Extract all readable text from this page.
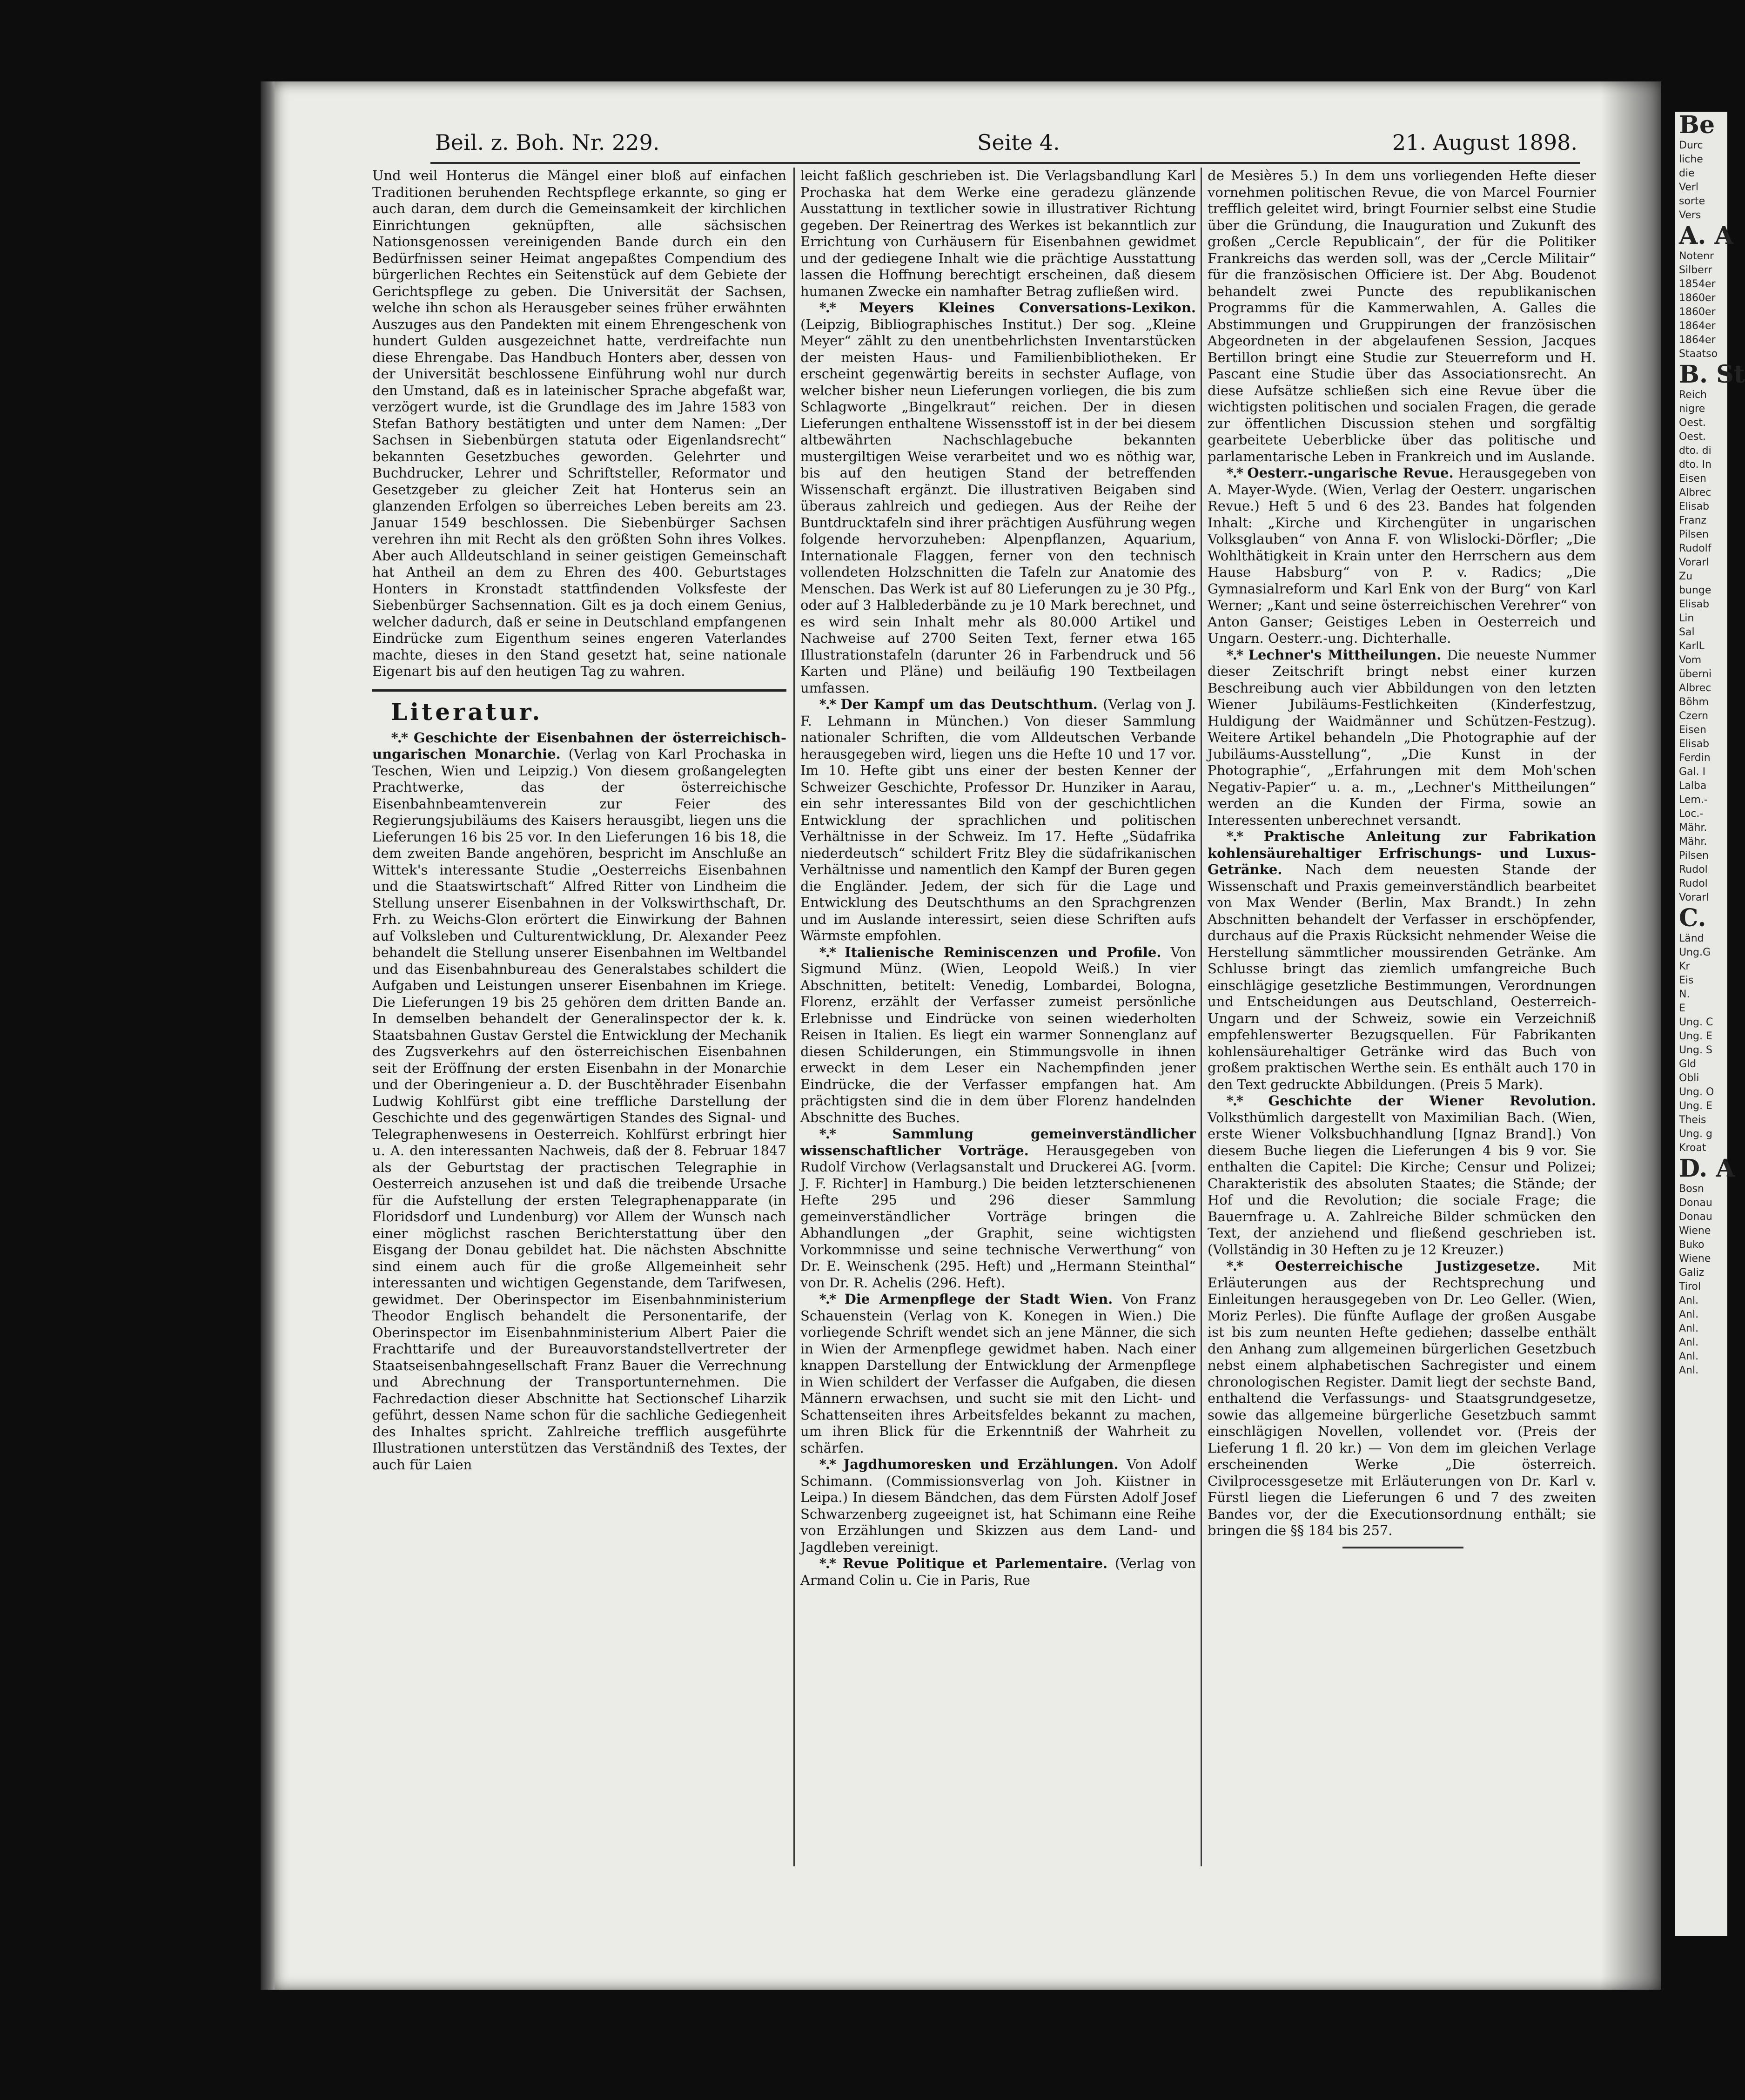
Be
Durc
liche
die
Verl
sorte
Vers
A. A
Notenr
Silberr
1854er
1860er
1860er
1864er
1864er
Staatso
B. St
Reich
nigre
Oest.
Oest.
dto. di
dto. In
Eisen
Albrec
Elisab
Franz
Pilsen
Rudolf
Vorarl
Zu
bunge
Elisab
Lin
Sal
KarlL
Vom
überni
Albrec
Böhm
Czern
Eisen
Elisab
Ferdin
Gal. I
Lalba
Lem.-
Loc.-
Mähr.
Mähr.
Pilsen
Rudol
Rudol
Vorarl
C.
Länd
Ung.G
Kr
Eis
N.
E
Ung. C
Ung. E
Ung. S
Gld
Obli
Ung. O
Ung. E
Theis
Ung. g
Kroat
D. A
Bosn
Donau
Donau
Wiene
Buko
Wiene
Galiz
Tirol
Anl.
Anl.
Anl.
Anl.
Anl.
Anl.
Beil. z. Boh. Nr. 229.	Seite 4.	21. August 1898.

Und weil Honterus die Mängel einer bloß auf einfachen Traditionen beruhenden Rechtspflege erkannte, so ging er auch daran, dem durch die Gemeinsamkeit der kirchlichen Einrichtungen geknüpften, alle sächsischen Nationsgenossen vereinigenden Bande durch ein den Bedürfnissen seiner Heimat angepaßtes Compendium des bürgerlichen Rechtes ein Seitenstück auf dem Gebiete der Gerichtspflege zu geben. Die Universität der Sachsen, welche ihn schon als Herausgeber seines früher erwähnten Auszuges aus den Pandekten mit einem Ehrengeschenk von hundert Gulden ausgezeichnet hatte, verdreifachte nun diese Ehrengabe. Das Handbuch Honters aber, dessen von der Universität beschlossene Einführung wohl nur durch den Umstand, daß es in lateinischer Sprache abgefaßt war, verzögert wurde, ist die Grundlage des im Jahre 1583 von Stefan Bathory bestätigten und unter dem Namen: „Der Sachsen in Siebenbürgen statuta oder Eigenlandsrecht“ bekannten Gesetzbuches geworden. Gelehrter und Buchdrucker, Lehrer und Schriftsteller, Reformator und Gesetzgeber zu gleicher Zeit hat Honterus sein an glanzenden Erfolgen so überreiches Leben bereits am 23. Januar 1549 beschlossen. Die Siebenbürger Sachsen verehren ihn mit Recht als den größten Sohn ihres Volkes. Aber auch Alldeutschland in seiner geistigen Gemeinschaft hat Antheil an dem zu Ehren des 400. Geburtstages Honters in Kronstadt stattfindenden Volksfeste der Siebenbürger Sachsennation. Gilt es ja doch einem Genius, welcher dadurch, daß er seine in Deutschland empfangenen Eindrücke zum Eigenthum seines engeren Vaterlandes machte, dieses in den Stand gesetzt hat, seine nationale Eigenart bis auf den heutigen Tag zu wahren.

Literatur.

*.* Geschichte der Eisenbahnen der österreichisch-ungarischen Monarchie. (Verlag von Karl Prochaska in Teschen, Wien und Leipzig.) Von diesem großangelegten Prachtwerke, das der österreichische Eisenbahnbeamtenverein zur Feier des Regierungsjubiläums des Kaisers herausgibt, liegen uns die Lieferungen 16 bis 25 vor. In den Lieferungen 16 bis 18, die dem zweiten Bande angehören, bespricht im Anschluße an Wittek's interessante Studie „Oesterreichs Eisenbahnen und die Staatswirtschaft“ Alfred Ritter von Lindheim die Stellung unserer Eisenbahnen in der Volkswirthschaft, Dr. Frh. zu Weichs-Glon erörtert die Einwirkung der Bahnen auf Volksleben und Culturentwicklung, Dr. Alexander Peez behandelt die Stellung unserer Eisenbahnen im Weltbandel und das Eisenbahnbureau des Generalstabes schildert die Aufgaben und Leistungen unserer Eisenbahnen im Kriege. Die Lieferungen 19 bis 25 gehören dem dritten Bande an. In demselben behandelt der Generalinspector der k. k. Staatsbahnen Gustav Gerstel die Entwicklung der Mechanik des Zugsverkehrs auf den österreichischen Eisenbahnen seit der Eröffnung der ersten Eisenbahn in der Monarchie und der Oberingenieur a. D. der Buschtěhrader Eisenbahn Ludwig Kohlfürst gibt eine treffliche Darstellung der Geschichte und des gegenwärtigen Standes des Signal- und Telegraphenwesens in Oesterreich. Kohlfürst erbringt hier u. A. den interessanten Nachweis, daß der 8. Februar 1847 als der Geburtstag der practischen Telegraphie in Oesterreich anzusehen ist und daß die treibende Ursache für die Aufstellung der ersten Telegraphenapparate (in Floridsdorf und Lundenburg) vor Allem der Wunsch nach einer möglichst raschen Berichterstattung über den Eisgang der Donau gebildet hat. Die nächsten Abschnitte sind einem auch für die große Allgemeinheit sehr interessanten und wichtigen Gegenstande, dem Tarifwesen, gewidmet. Der Oberinspector im Eisenbahnministerium Theodor Englisch behandelt die Personentarife, der Oberinspector im Eisenbahnministerium Albert Paier die Frachttarife und der Bureauvorstandstellvertreter der Staatseisenbahngesellschaft Franz Bauer die Verrechnung und Abrechnung der Transportunternehmen. Die Fachredaction dieser Abschnitte hat Sectionschef Liharzik geführt, dessen Name schon für die sachliche Gediegenheit des Inhaltes spricht. Zahlreiche trefflich ausgeführte Illustrationen unterstützen das Verständniß des Textes, der auch für Laien

leicht faßlich geschrieben ist. Die Verlagsbandlung Karl Prochaska hat dem Werke eine geradezu glänzende Ausstattung in textlicher sowie in illustrativer Richtung gegeben. Der Reinertrag des Werkes ist bekanntlich zur Errichtung von Curhäusern für Eisenbahnen gewidmet und der gediegene Inhalt wie die prächtige Ausstattung lassen die Hoffnung berechtigt erscheinen, daß diesem humanen Zwecke ein namhafter Betrag zufließen wird.

*.* Meyers Kleines Conversations-Lexikon. (Leipzig, Bibliographisches Institut.) Der sog. „Kleine Meyer“ zählt zu den unentbehrlichsten Inventarstücken der meisten Haus- und Familienbibliotheken. Er erscheint gegenwärtig bereits in sechster Auflage, von welcher bisher neun Lieferungen vorliegen, die bis zum Schlagworte „Bingelkraut“ reichen. Der in diesen Lieferungen enthaltene Wissensstoff ist in der bei diesem altbewährten Nachschlagebuche bekannten mustergiltigen Weise verarbeitet und wo es nöthig war, bis auf den heutigen Stand der betreffenden Wissenschaft ergänzt. Die illustrativen Beigaben sind überaus zahlreich und gediegen. Aus der Reihe der Buntdrucktafeln sind ihrer prächtigen Ausführung wegen folgende hervorzuheben: Alpenpflanzen, Aquarium, Internationale Flaggen, ferner von den technisch vollendeten Holzschnitten die Tafeln zur Anatomie des Menschen. Das Werk ist auf 80 Lieferungen zu je 30 Pfg., oder auf 3 Halblederbände zu je 10 Mark berechnet, und es wird sein Inhalt mehr als 80.000 Artikel und Nachweise auf 2700 Seiten Text, ferner etwa 165 Illustrationstafeln (darunter 26 in Farbendruck und 56 Karten und Pläne) und beiläufig 190 Textbeilagen umfassen.

*.* Der Kampf um das Deutschthum. (Verlag von J. F. Lehmann in München.) Von dieser Sammlung nationaler Schriften, die vom Alldeutschen Verbande herausgegeben wird, liegen uns die Hefte 10 und 17 vor. Im 10. Hefte gibt uns einer der besten Kenner der Schweizer Geschichte, Professor Dr. Hunziker in Aarau, ein sehr interessantes Bild von der geschichtlichen Entwicklung der sprachlichen und politischen Verhältnisse in der Schweiz. Im 17. Hefte „Südafrika niederdeutsch“ schildert Fritz Bley die südafrikanischen Verhältnisse und namentlich den Kampf der Buren gegen die Engländer. Jedem, der sich für die Lage und Entwicklung des Deutschthums an den Sprachgrenzen und im Auslande interessirt, seien diese Schriften aufs Wärmste empfohlen.

*.* Italienische Reminiscenzen und Profile. Von Sigmund Münz. (Wien, Leopold Weiß.) In vier Abschnitten, betitelt: Venedig, Lombardei, Bologna, Florenz, erzählt der Verfasser zumeist persönliche Erlebnisse und Eindrücke von seinen wiederholten Reisen in Italien. Es liegt ein warmer Sonnenglanz auf diesen Schilderungen, ein Stimmungsvolle in ihnen erweckt in dem Leser ein Nachempfinden jener Eindrücke, die der Verfasser empfangen hat. Am prächtigsten sind die in dem über Florenz handelnden Abschnitte des Buches.

*.*	Sammlung gemeinverständlicher wissenschaftlicher Vorträge. Herausgegeben von Rudolf Virchow (Verlagsanstalt und Druckerei AG. [vorm. J. F. Richter] in Hamburg.) Die beiden letzterschienenen Hefte 295 und 296 dieser Sammlung gemeinverständlicher Vorträge bringen die Abhandlungen „der Graphit, seine wichtigsten Vorkommnisse und seine technische Verwerthung“ von Dr. E. Weinschenk (295. Heft) und „Hermann Steinthal“ von Dr. R. Achelis (296. Heft).

*.* Die Armenpflege der Stadt Wien. Von Franz Schauenstein (Verlag von K. Konegen in Wien.) Die vorliegende Schrift wendet sich an jene Männer, die sich in Wien der Armenpflege gewidmet haben. Nach einer knappen Darstellung der Entwicklung der Armenpflege in Wien schildert der Verfasser die Aufgaben, die diesen Männern erwachsen, und sucht sie mit den Licht- und Schattenseiten ihres Arbeitsfeldes bekannt zu machen, um ihren Blick für die Erkenntniß der Wahrheit zu schärfen.

*.* Jagdhumoresken und Erzählungen. Von Adolf Schimann. (Commissionsverlag von Joh. Kiistner in Leipa.) In diesem Bändchen, das dem Fürsten Adolf Josef Schwarzenberg zugeeignet ist, hat Schimann eine Reihe von Erzählungen und Skizzen aus dem Land- und Jagdleben vereinigt.

*.* Revue Politique et Parlementaire. (Verlag von Armand Colin u. Cie in Paris, Rue

de Mesières 5.) In dem uns vorliegenden Hefte dieser vornehmen politischen Revue, die von Marcel Fournier trefflich geleitet wird, bringt Fournier selbst eine Studie über die Gründung, die Inauguration und Zukunft des großen „Cercle Republicain“, der für die Politiker Frankreichs das werden soll, was der „Cercle Militair“ für die französischen Officiere ist. Der Abg. Boudenot behandelt zwei Puncte des republikanischen Programms für die Kammerwahlen, A. Galles die Abstimmungen und Gruppirungen der französischen Abgeordneten in der abgelaufenen Session, Jacques Bertillon bringt eine Studie zur Steuerreform und H. Pascant eine Studie über das Associationsrecht. An diese Aufsätze schließen sich eine Revue über die wichtigsten politischen und socialen Fragen, die gerade zur öffentlichen Discussion stehen und sorgfältig gearbeitete Ueberblicke über das politische und parlamentarische Leben in Frankreich und im Auslande.

*.* Oesterr.-ungarische Revue. Herausgegeben von A. Mayer-Wyde. (Wien, Verlag der Oesterr. ungarischen Revue.) Heft 5 und 6 des 23. Bandes hat folgenden Inhalt: „Kirche und Kirchengüter in ungarischen Volksglauben“ von Anna F. von Wlislocki-Dörfler; „Die Wohlthätigkeit in Krain unter den Herrschern aus dem Hause Habsburg“ von P. v. Radics; „Die Gymnasialreform und Karl Enk von der Burg“ von Karl Werner; „Kant und seine österreichischen Verehrer“ von Anton Ganser; Geistiges Leben in Oesterreich und Ungarn. Oesterr.-ung. Dichterhalle.

*.* Lechner's Mittheilungen. Die neueste Nummer dieser Zeitschrift bringt nebst einer kurzen Beschreibung auch vier Abbildungen von den letzten Wiener Jubiläums-Festlichkeiten (Kinderfestzug, Huldigung der Waidmänner und Schützen-Festzug). Weitere Artikel behandeln „Die Photographie auf der Jubiläums-Ausstellung“, „Die Kunst in der Photographie“, „Erfahrungen mit dem Moh'schen Negativ-Papier“ u. a. m., „Lechner's Mittheilungen“ werden an die Kunden der Firma, sowie an Interessenten unberechnet versandt.

*.* Praktische Anleitung zur Fabrikation kohlensäurehaltiger Erfrischungs- und Luxus-Getränke. Nach dem neuesten Stande der Wissenschaft und Praxis gemeinverständlich bearbeitet von Max Wender (Berlin, Max Brandt.) In zehn Abschnitten behandelt der Verfasser in erschöpfender, durchaus auf die Praxis Rücksicht nehmender Weise die Herstellung sämmtlicher moussirenden Getränke. Am Schlusse bringt das ziemlich umfangreiche Buch einschlägige gesetzliche Bestimmungen, Verordnungen und Entscheidungen aus Deutschland, Oesterreich-Ungarn und der Schweiz, sowie ein Verzeichniß empfehlenswerter Bezugsquellen. Für Fabrikanten kohlensäurehaltiger Getränke wird das Buch von großem praktischen Werthe sein. Es enthält auch 170 in den Text gedruckte Abbildungen. (Preis 5 Mark).

*.* Geschichte der Wiener Revolution. Volksthümlich dargestellt von Maximilian Bach. (Wien, erste Wiener Volksbuchhandlung [Ignaz Brand].) Von diesem Buche liegen die Lieferungen 4 bis 9 vor. Sie enthalten die Capitel: Die Kirche; Censur und Polizei; Charakteristik des absoluten Staates; die Stände; der Hof und die Revolution; die sociale Frage; die Bauernfrage u. A. Zahlreiche Bilder schmücken den Text, der anziehend und fließend geschrieben ist. (Vollständig in 30 Heften zu je 12 Kreuzer.)

*.* Oesterreichische Justizgesetze. Mit Erläuterungen aus der Rechtsprechung und Einleitungen herausgegeben von Dr. Leo Geller. (Wien, Moriz Perles). Die fünfte Auflage der großen Ausgabe ist bis zum neunten Hefte gediehen; dasselbe enthält den Anhang zum allgemeinen bürgerlichen Gesetzbuch nebst einem alphabetischen Sachregister und einem chronologischen Register. Damit liegt der sechste Band, enthaltend die Verfassungs- und Staatsgrundgesetze, sowie das allgemeine bürgerliche Gesetzbuch sammt einschlägigen Novellen, vollendet vor. (Preis der Lieferung 1 fl. 20 kr.) — Von dem im gleichen Verlage erscheinenden Werke „Die österreich. Civilprocessgesetze mit Erläuterungen von Dr. Karl v. Fürstl liegen die Lieferungen 6 und 7 des zweiten Bandes vor, der die Executionsordnung enthält; sie bringen die §§ 184 bis 257.
